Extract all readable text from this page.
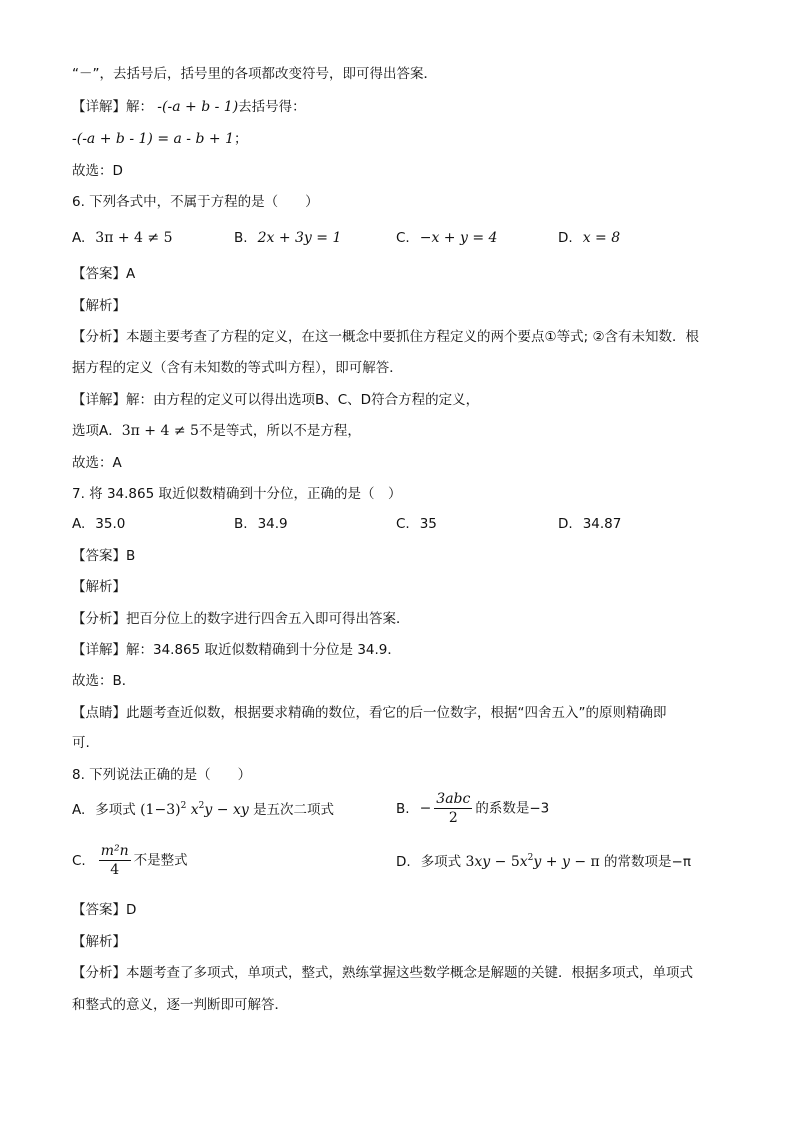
“－”，去括号后，括号里的各项都改变符号，即可得出答案．
【详解】解： -(-a + b - 1)去括号得：
-(-a + b - 1) = a - b + 1；
故选：D
6. 下列各式中，不属于方程的是（　　）
A. 3π + 4 ≠ 5	B. 2x + 3y = 1	C. −x + y = 4	D. x = 8
【答案】A
【解析】
【分析】本题主要考查了方程的定义，在这一概念中要抓住方程定义的两个要点①等式; ②含有未知数．根
据方程的定义（含有未知数的等式叫方程），即可解答．
【详解】解：由方程的定义可以得出选项B、C、D符合方程的定义，
选项A．3π + 4 ≠ 5不是等式，所以不是方程，
故选：A
7. 将 34.865 取近似数精确到十分位，正确的是（　）
A. 35.0	B. 34.9	C. 35	D. 34.87
【答案】B
【解析】
【分析】把百分位上的数字进行四舍五入即可得出答案．
【详解】解：34.865 取近似数精确到十分位是 34.9．
故选：B．
【点睛】此题考查近似数，根据要求精确的数位，看它的后一位数字，根据“四舍五入”的原则精确即
可.
8. 下列说法正确的是（　　）
A. 多项式 $(1-3)^2$ $x^2y$ − xy 是五次二项式	B. − $\frac{\text{3abc}}{2}$ 的系数是−3
C. $\frac{\text{m²n}}{4}$ 不是整式	D. 多项式 $3xy - 5x^2y + y - \pi$ 的常数项是−π
【答案】D
【解析】
【分析】本题考查了多项式，单项式，整式，熟练掌握这些数学概念是解题的关键．根据多项式，单项式
和整式的意义，逐一判断即可解答．
